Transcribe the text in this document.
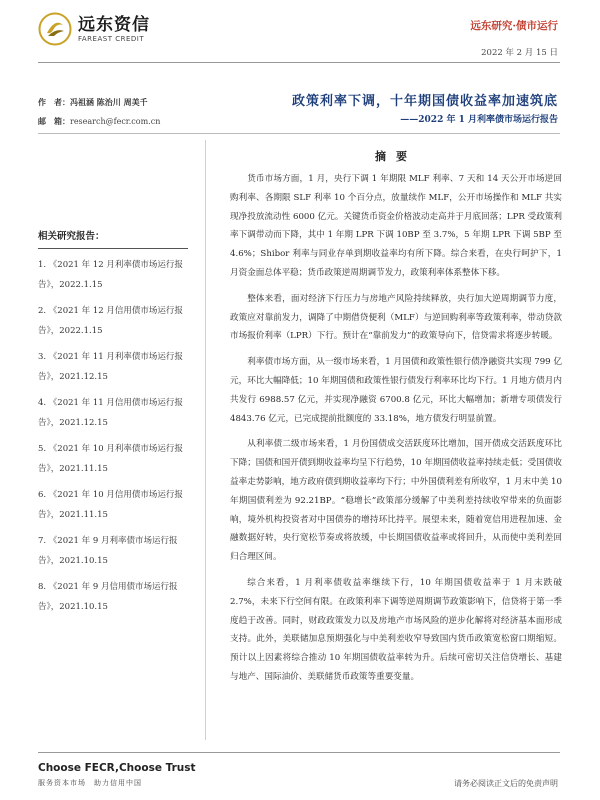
远东资信
FAREAST CREDIT
远东研究·债市运行
2022 年 2 月 15 日
作　者：冯祖涵 陈治川 周美千
邮　箱：research@fecr.com.cn
政策利率下调，十年期国债收益率加速筑底
——2022 年 1 月利率债市场运行报告
相关研究报告：
1. 《2021 年 12 月利率债市场运行报告》，2022.1.15
2. 《2021 年 12 月信用债市场运行报告》，2022.1.15
3. 《2021 年 11 月利率债市场运行报告》，2021.12.15
4. 《2021 年 11 月信用债市场运行报告》，2021.12.15
5. 《2021 年 10 月利率债市场运行报告》，2021.11.15
6. 《2021 年 10 月信用债市场运行报告》，2021.11.15
7. 《2021 年 9 月利率债市场运行报告》，2021.10.15
8. 《2021 年 9 月信用债市场运行报告》，2021.10.15
摘要

货币市场方面，1 月，央行下调 1 年期限 MLF 利率、7 天和 14 天公开市场逆回购利率、各期限 SLF 利率 10 个百分点，放量续作 MLF，公开市场操作和 MLF 共实现净投放流动性 6000 亿元。关键货币资金价格波动走高并于月底回落；LPR 受政策利率下调带动而下降，其中 1 年期 LPR 下调 10BP 至 3.7%，5 年期 LPR 下调 5BP 至 4.6%；Shibor 利率与同业存单到期收益率均有所下降。综合来看，在央行呵护下，1 月资金面总体平稳；货币政策逆周期调节发力，政策利率体系整体下移。

整体来看，面对经济下行压力与房地产风险持续释放，央行加大逆周期调节力度，政策应对靠前发力，调降了中期借贷便利（MLF）与逆回购利率等政策利率，带动贷款市场报价利率（LPR）下行。预计在“靠前发力”的政策导向下，信贷需求将逐步转暖。

利率债市场方面，从一级市场来看，1 月国债和政策性银行债净融资共实现 799 亿元，环比大幅降低；10 年期国债和政策性银行债发行利率环比均下行。1 月地方债月内共发行 6988.57 亿元，并实现净融资 6700.8 亿元，环比大幅增加；新增专项债发行 4843.76 亿元，已完成提前批额度的 33.18%，地方债发行明显前置。

从利率债二级市场来看，1 月份国债成交活跃度环比增加，国开债成交活跃度环比下降；国债和国开债到期收益率均呈下行趋势，10 年期国债收益率持续走低；受国债收益率走势影响，地方政府债到期收益率均下行；中外国债利差有所收窄，1 月末中美 10 年期国债利差为 92.21BP。“稳增长”政策部分缓解了中美利差持续收窄带来的负面影响，境外机构投资者对中国债券的增持环比持平。展望未来，随着宽信用进程加速、金融数据好转，央行宽松节奏或将放缓，中长期国债收益率或将回升，从而使中美利差回归合理区间。

综合来看，1 月利率债收益率继续下行，10 年期国债收益率于 1 月末跌破 2.7%，未来下行空间有限。在政策利率下调等逆周期调节政策影响下，信贷将于第一季度趋于改善。同时，财政政策发力以及房地产市场风险的逆步化解将对经济基本面形成支持。此外，美联储加息预期强化与中美利差收窄导致国内货币政策宽松窗口期缩短。预计以上因素将综合推动 10 年期国债收益率转为升。后续可密切关注信贷增长、基建与地产、国际油价、美联储货币政策等重要变量。

Choose FECR,Choose Trust
服务资本市场　助力信用中国	请务必阅读正文后的免责声明
